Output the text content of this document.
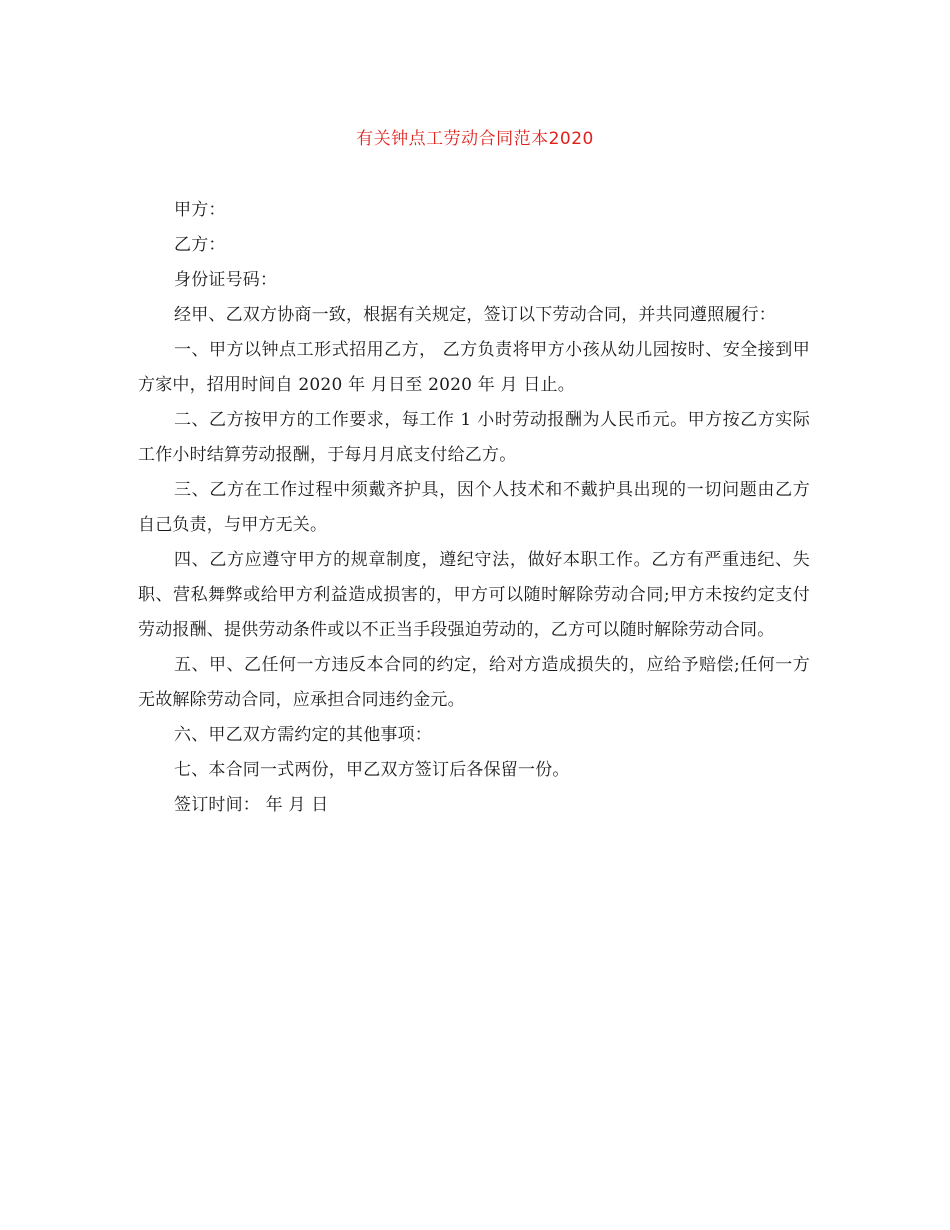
有关钟点工劳动合同范本2020

甲方：

乙方：

身份证号码：

经甲、乙双方协商一致，根据有关规定，签订以下劳动合同，并共同遵照履行：

一、甲方以钟点工形式招用乙方， 乙方负责将甲方小孩从幼儿园按时、安全接到甲方家中，招用时间自 2020 年 月日至 2020 年 月 日止。

二、乙方按甲方的工作要求，每工作 1 小时劳动报酬为人民币元。甲方按乙方实际工作小时结算劳动报酬，于每月月底支付给乙方。

三、乙方在工作过程中须戴齐护具，因个人技术和不戴护具出现的一切问题由乙方自己负责，与甲方无关。

四、乙方应遵守甲方的规章制度，遵纪守法，做好本职工作。乙方有严重违纪、失职、营私舞弊或给甲方利益造成损害的，甲方可以随时解除劳动合同;甲方未按约定支付劳动报酬、提供劳动条件或以不正当手段强迫劳动的，乙方可以随时解除劳动合同。

五、甲、乙任何一方违反本合同的约定，给对方造成损失的，应给予赔偿;任何一方无故解除劳动合同，应承担合同违约金元。

六、甲乙双方需约定的其他事项：

七、本合同一式两份，甲乙双方签订后各保留一份。

签订时间： 年 月 日
